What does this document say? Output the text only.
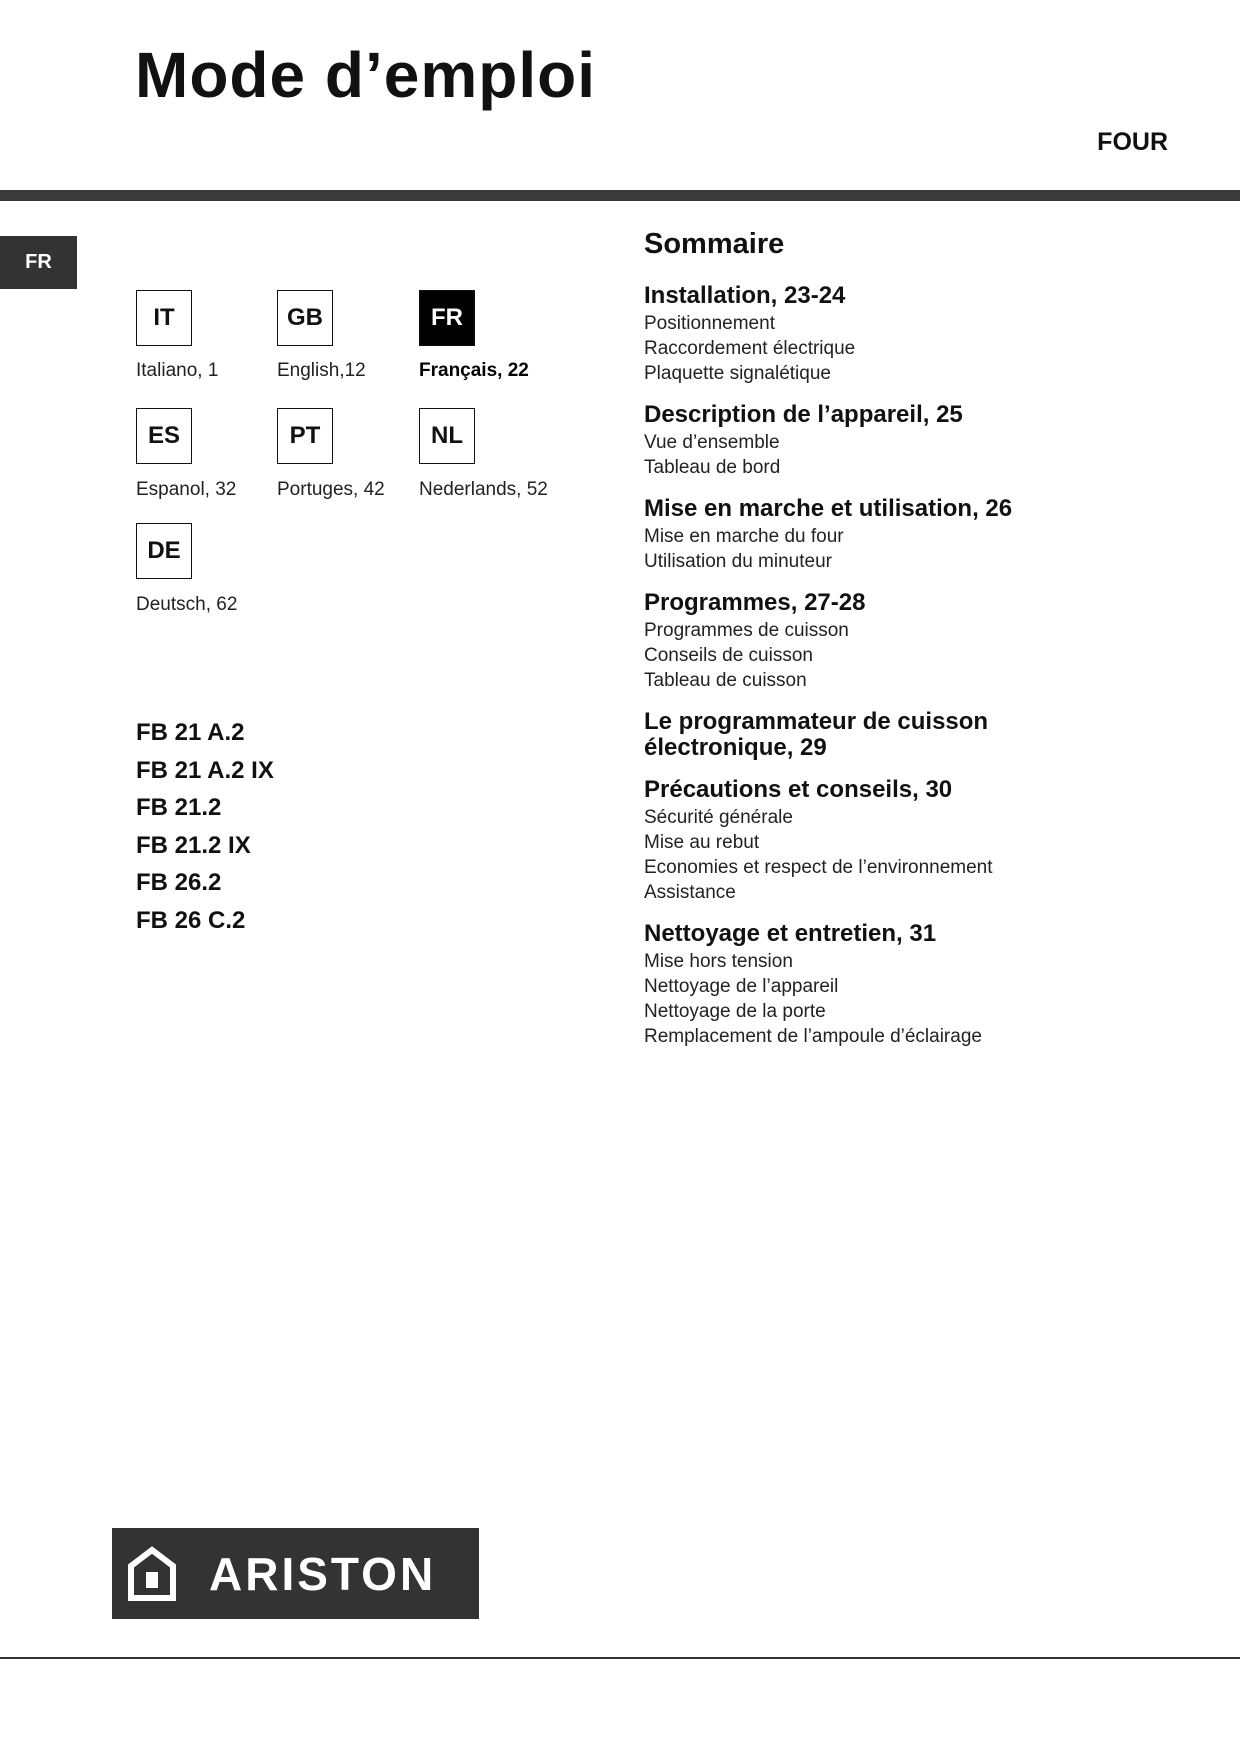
Mode d’emploi
FOUR
FR
IT
Italiano, 1
GB
English,12
FR
Français, 22
ES
Espanol, 32
PT
Portuges, 42
NL
Nederlands, 52
DE
Deutsch, 62
FB 21 A.2
FB 21 A.2 IX
FB 21.2
FB 21.2 IX
FB 26.2
FB 26 C.2
Sommaire
Installation, 23-24
Positionnement
Raccordement électrique
Plaquette signalétique
Description de l’appareil, 25
Vue d’ensemble
Tableau de bord
Mise en marche et utilisation, 26
Mise en marche du four
Utilisation du minuteur
Programmes, 27-28
Programmes de cuisson
Conseils de cuisson
Tableau de cuisson
Le programmateur de cuisson électronique, 29
Précautions et conseils, 30
Sécurité générale
Mise au rebut
Economies et respect de l’environnement
Assistance
Nettoyage et entretien, 31
Mise hors tension
Nettoyage de l’appareil
Nettoyage de la porte
Remplacement de l’ampoule d’éclairage
ARISTON
